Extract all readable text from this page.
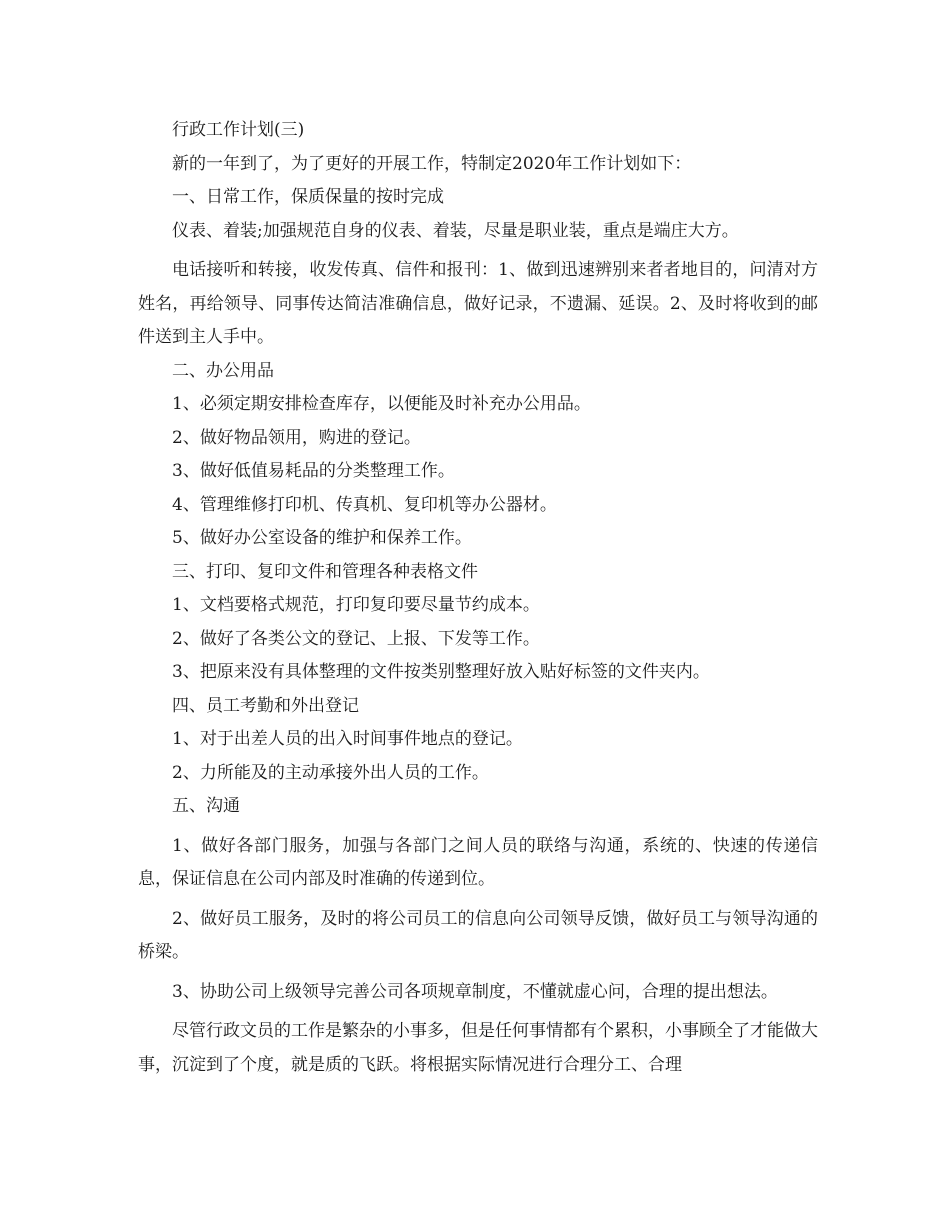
行政工作计划(三)

新的一年到了，为了更好的开展工作，特制定2020年工作计划如下：

一、日常工作，保质保量的按时完成

仪表、着装;加强规范自身的仪表、着装，尽量是职业装，重点是端庄大方。

电话接听和转接，收发传真、信件和报刊：1、做到迅速辨别来者者地目的，问清对方姓名，再给领导、同事传达简洁准确信息，做好记录，不遗漏、延误。2、及时将收到的邮件送到主人手中。

二、办公用品

1、必须定期安排检查库存，以便能及时补充办公用品。

2、做好物品领用，购进的登记。

3、做好低值易耗品的分类整理工作。

4、管理维修打印机、传真机、复印机等办公器材。

5、做好办公室设备的维护和保养工作。

三、打印、复印文件和管理各种表格文件

1、文档要格式规范，打印复印要尽量节约成本。

2、做好了各类公文的登记、上报、下发等工作。

3、把原来没有具体整理的文件按类别整理好放入贴好标签的文件夹内。

四、员工考勤和外出登记

1、对于出差人员的出入时间事件地点的登记。

2、力所能及的主动承接外出人员的工作。

五、沟通

1、做好各部门服务，加强与各部门之间人员的联络与沟通，系统的、快速的传递信息，保证信息在公司内部及时准确的传递到位。

2、做好员工服务，及时的将公司员工的信息向公司领导反馈，做好员工与领导沟通的桥梁。

3、协助公司上级领导完善公司各项规章制度，不懂就虚心问，合理的提出想法。

尽管行政文员的工作是繁杂的小事多，但是任何事情都有个累积，小事顾全了才能做大事，沉淀到了个度，就是质的飞跃。将根据实际情况进行合理分工、合理
